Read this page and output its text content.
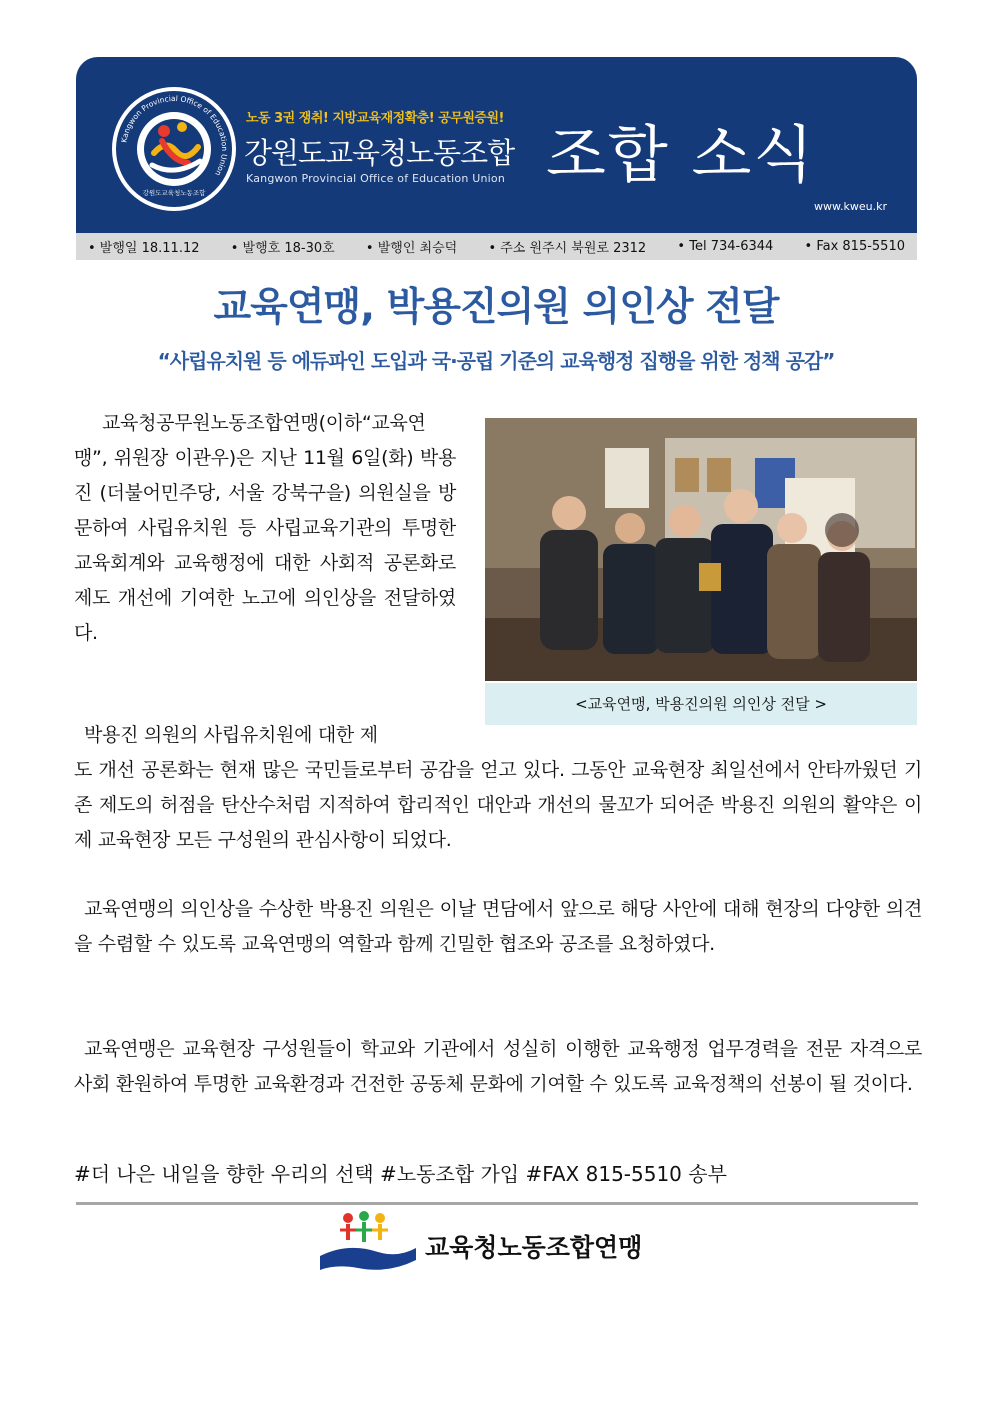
Kangwon Provincial Office of Education Union
강원도교육청노동조합
노동 3권 쟁취! 지방교육재정확충! 공무원증원!
강원도교육청노동조합
Kangwon Provincial Office of Education Union 조합 소식
www.kweu.kr
• 발행일 18.11.12 • 발행호 18-30호 • 발행인 최승덕 • 주소 원주시 북원로 2312 • Tel 734-6344 • Fax 815-5510
교육연맹, 박용진의원 의인상 전달
“사립유치원 등 에듀파인 도입과 국·공립 기준의 교육행정 집행을 위한 정책 공감”
교육청공무원노동조합연맹(이하“교육연맹”, 위원장 이관우)은 지난 11월 6일(화) 박용진 (더불어민주당, 서울 강북구을) 의원실을 방문하여 사립유치원 등 사립교육기관의 투명한 교육회계와 교육행정에 대한 사회적 공론화로 제도 개선에 기여한 노고에 의인상을 전달하였다.
<교육연맹, 박용진의원 의인상 전달 >
박용진 의원의 사립유치원에 대한 제
도 개선 공론화는 현재 많은 국민들로부터 공감을 얻고 있다. 그동안 교육현장 최일선에서 안타까웠던 기존 제도의 허점을 탄산수처럼 지적하여 합리적인 대안과 개선의 물꼬가 되어준 박용진 의원의 활약은 이제 교육현장 모든 구성원의 관심사항이 되었다.
교육연맹의 의인상을 수상한 박용진 의원은 이날 면담에서 앞으로 해당 사안에 대해 현장의 다양한 의견을 수렴할 수 있도록 교육연맹의 역할과 함께 긴밀한 협조와 공조를 요청하였다.
교육연맹은 교육현장 구성원들이 학교와 기관에서 성실히 이행한 교육행정 업무경력을 전문 자격으로 사회 환원하여 투명한 교육환경과 건전한 공동체 문화에 기여할 수 있도록 교육정책의 선봉이 될 것이다.
#더 나은 내일을 향한 우리의 선택 #노동조합 가입 #FAX 815-5510 송부
교육청노동조합연맹
